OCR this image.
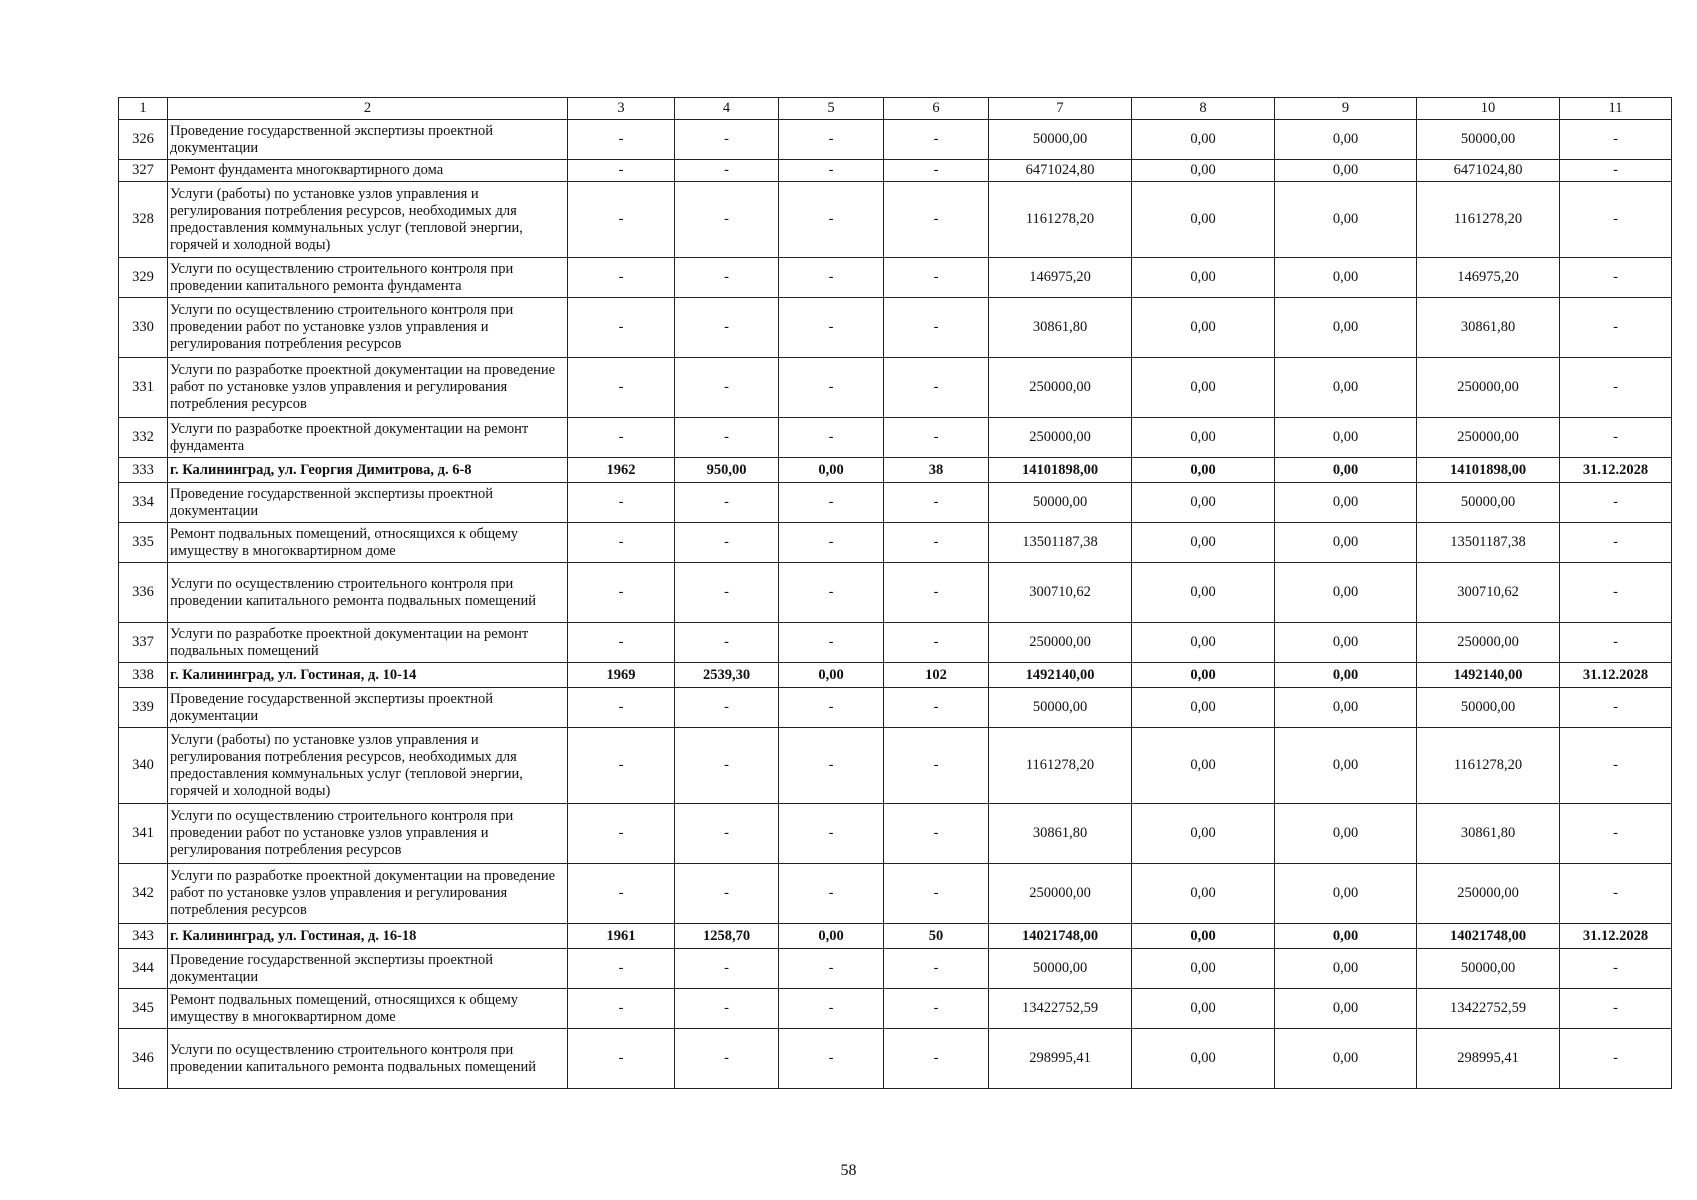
1	2	3	4	5	6	7	8	9	10	11
326	Проведение государственной экспертизы проектной документации	-	-	-	-	50000,00	0,00	0,00	50000,00	-
327	Ремонт фундамента многоквартирного дома	-	-	-	-	6471024,80	0,00	0,00	6471024,80	-
328	Услуги (работы) по установке узлов управления и регулирования потребления ресурсов, необходимых для предоставления коммунальных услуг (тепловой энергии, горячей и холодной воды)	-	-	-	-	1161278,20	0,00	0,00	1161278,20	-
329	Услуги по осуществлению строительного контроля при проведении капитального ремонта фундамента	-	-	-	-	146975,20	0,00	0,00	146975,20	-
330	Услуги по осуществлению строительного контроля при проведении работ по установке узлов управления и регулирования потребления ресурсов	-	-	-	-	30861,80	0,00	0,00	30861,80	-
331	Услуги по разработке проектной документации на проведение работ по установке узлов управления и регулирования потребления ресурсов	-	-	-	-	250000,00	0,00	0,00	250000,00	-
332	Услуги по разработке проектной документации на ремонт фундамента	-	-	-	-	250000,00	0,00	0,00	250000,00	-
333	г. Калининград, ул. Георгия Димитрова, д. 6-8	1962	950,00	0,00	38	14101898,00	0,00	0,00	14101898,00	31.12.2028
334	Проведение государственной экспертизы проектной документации	-	-	-	-	50000,00	0,00	0,00	50000,00	-
335	Ремонт подвальных помещений, относящихся к общему имуществу в многоквартирном доме	-	-	-	-	13501187,38	0,00	0,00	13501187,38	-
336	Услуги по осуществлению строительного контроля при проведении капитального ремонта подвальных помещений	-	-	-	-	300710,62	0,00	0,00	300710,62	-
337	Услуги по разработке проектной документации на ремонт подвальных помещений	-	-	-	-	250000,00	0,00	0,00	250000,00	-
338	г. Калининград, ул. Гостиная, д. 10-14	1969	2539,30	0,00	102	1492140,00	0,00	0,00	1492140,00	31.12.2028
339	Проведение государственной экспертизы проектной документации	-	-	-	-	50000,00	0,00	0,00	50000,00	-
340	Услуги (работы) по установке узлов управления и регулирования потребления ресурсов, необходимых для предоставления коммунальных услуг (тепловой энергии, горячей и холодной воды)	-	-	-	-	1161278,20	0,00	0,00	1161278,20	-
341	Услуги по осуществлению строительного контроля при проведении работ по установке узлов управления и регулирования потребления ресурсов	-	-	-	-	30861,80	0,00	0,00	30861,80	-
342	Услуги по разработке проектной документации на проведение работ по установке узлов управления и регулирования потребления ресурсов	-	-	-	-	250000,00	0,00	0,00	250000,00	-
343	г. Калининград, ул. Гостиная, д. 16-18	1961	1258,70	0,00	50	14021748,00	0,00	0,00	14021748,00	31.12.2028
344	Проведение государственной экспертизы проектной документации	-	-	-	-	50000,00	0,00	0,00	50000,00	-
345	Ремонт подвальных помещений, относящихся к общему имуществу в многоквартирном доме	-	-	-	-	13422752,59	0,00	0,00	13422752,59	-
346	Услуги по осуществлению строительного контроля при проведении капитального ремонта подвальных помещений	-	-	-	-	298995,41	0,00	0,00	298995,41	-
58
